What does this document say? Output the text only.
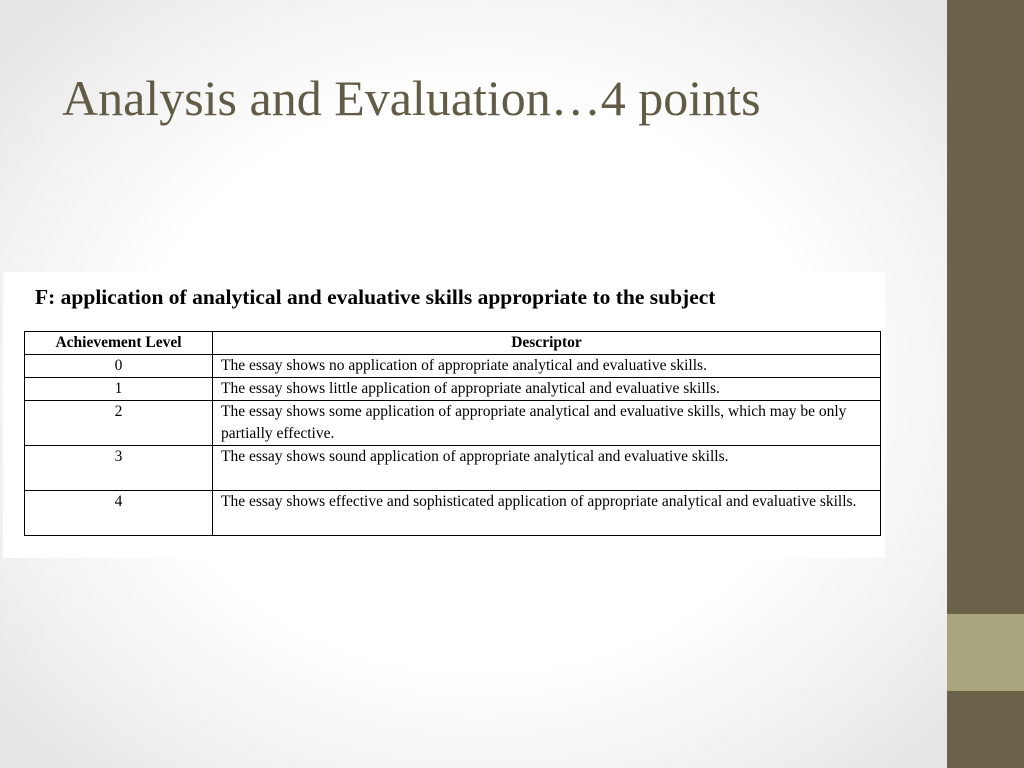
Analysis and Evaluation…4 points

F: application of analytical and evaluative skills appropriate to the subject

Achievement Level	Descriptor
0	The essay shows no application of appropriate analytical and evaluative skills.
1	The essay shows little application of appropriate analytical and evaluative skills.
2	The essay shows some application of appropriate analytical and evaluative skills, which may be only partially effective.
3	The essay shows sound application of appropriate analytical and evaluative skills.
4	The essay shows effective and sophisticated application of appropriate analytical and evaluative skills.
